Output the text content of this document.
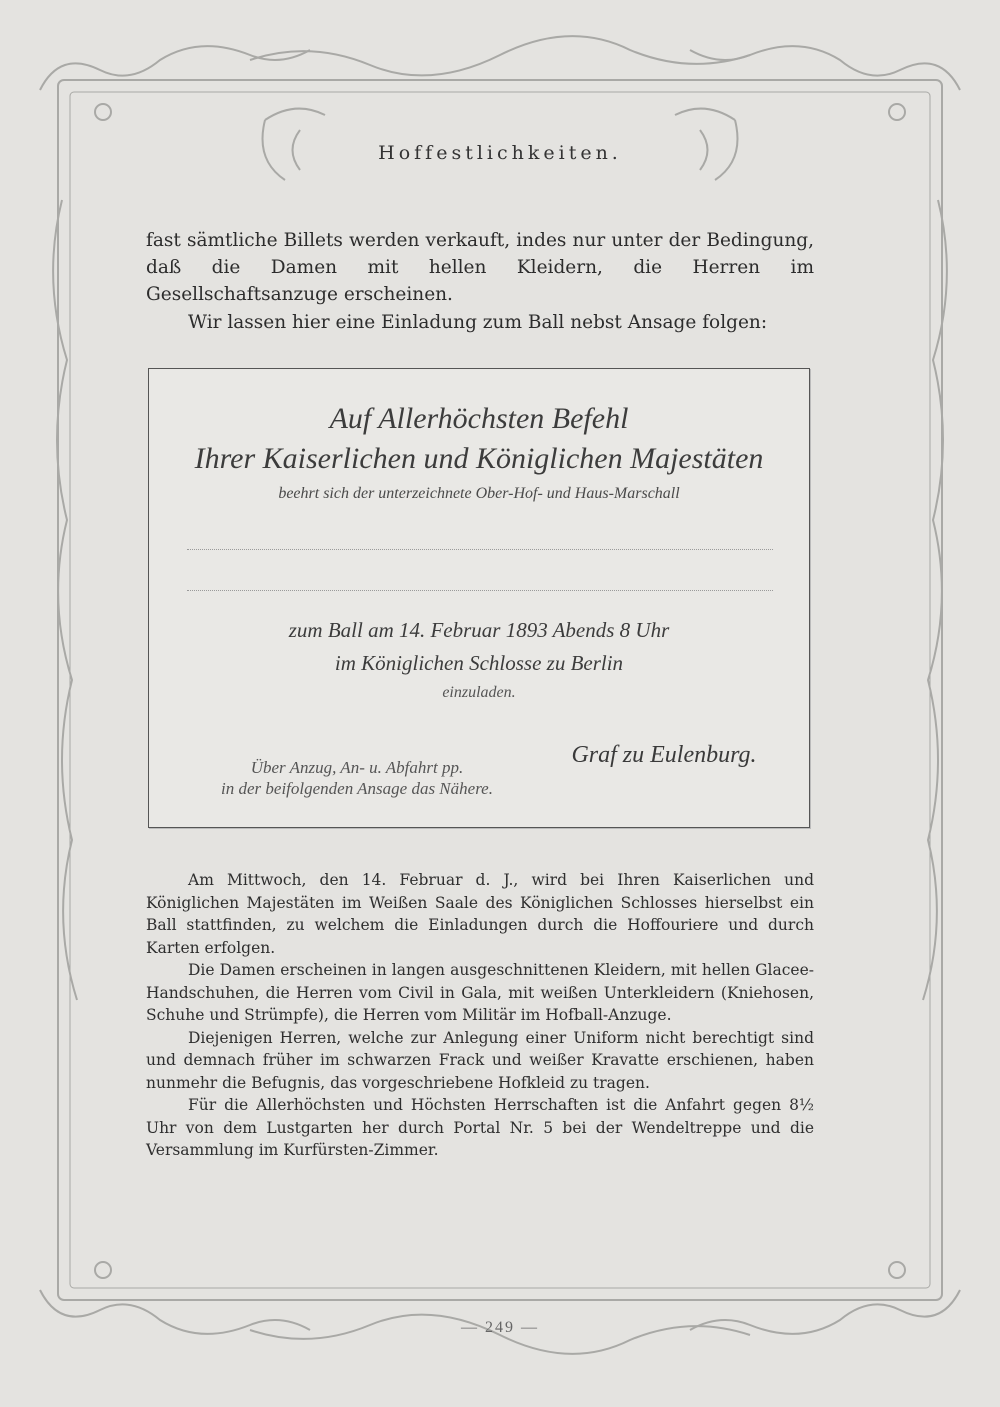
Hoffestlichkeiten.
fast sämtliche Billets werden verkauft, indes nur unter der Bedingung, daß die Damen mit hellen Kleidern, die Herren im Gesellschaftsanzuge erscheinen.
Wir lassen hier eine Einladung zum Ball nebst Ansage folgen:
Auf Allerhöchsten Befehl
Ihrer Kaiserlichen und Königlichen Majestäten
beehrt sich der unterzeichnete Ober-Hof- und Haus-Marschall
zum Ball am 14. Februar 1893 Abends 8 Uhr
im Königlichen Schlosse zu Berlin
einzuladen.
Über Anzug, An- u. Abfahrt pp.
in der beifolgenden Ansage das Nähere.
Graf zu Eulenburg.

Am Mittwoch, den 14. Februar d. J., wird bei Ihren Kaiserlichen und Königlichen Majestäten im Weißen Saale des Königlichen Schlosses hierselbst ein Ball stattfinden, zu welchem die Einladungen durch die Hoffouriere und durch Karten erfolgen.

Die Damen erscheinen in langen ausgeschnittenen Kleidern, mit hellen Glacee-Handschuhen, die Herren vom Civil in Gala, mit weißen Unterkleidern (Kniehosen, Schuhe und Strümpfe), die Herren vom Militär im Hofball-Anzuge.

Diejenigen Herren, welche zur Anlegung einer Uniform nicht berechtigt sind und demnach früher im schwarzen Frack und weißer Kravatte erschienen, haben nunmehr die Befugnis, das vorgeschriebene Hofkleid zu tragen.

Für die Allerhöchsten und Höchsten Herrschaften ist die Anfahrt gegen 8½ Uhr von dem Lustgarten her durch Portal Nr. 5 bei der Wendeltreppe und die Versammlung im Kurfürsten-Zimmer.

— 249 —
